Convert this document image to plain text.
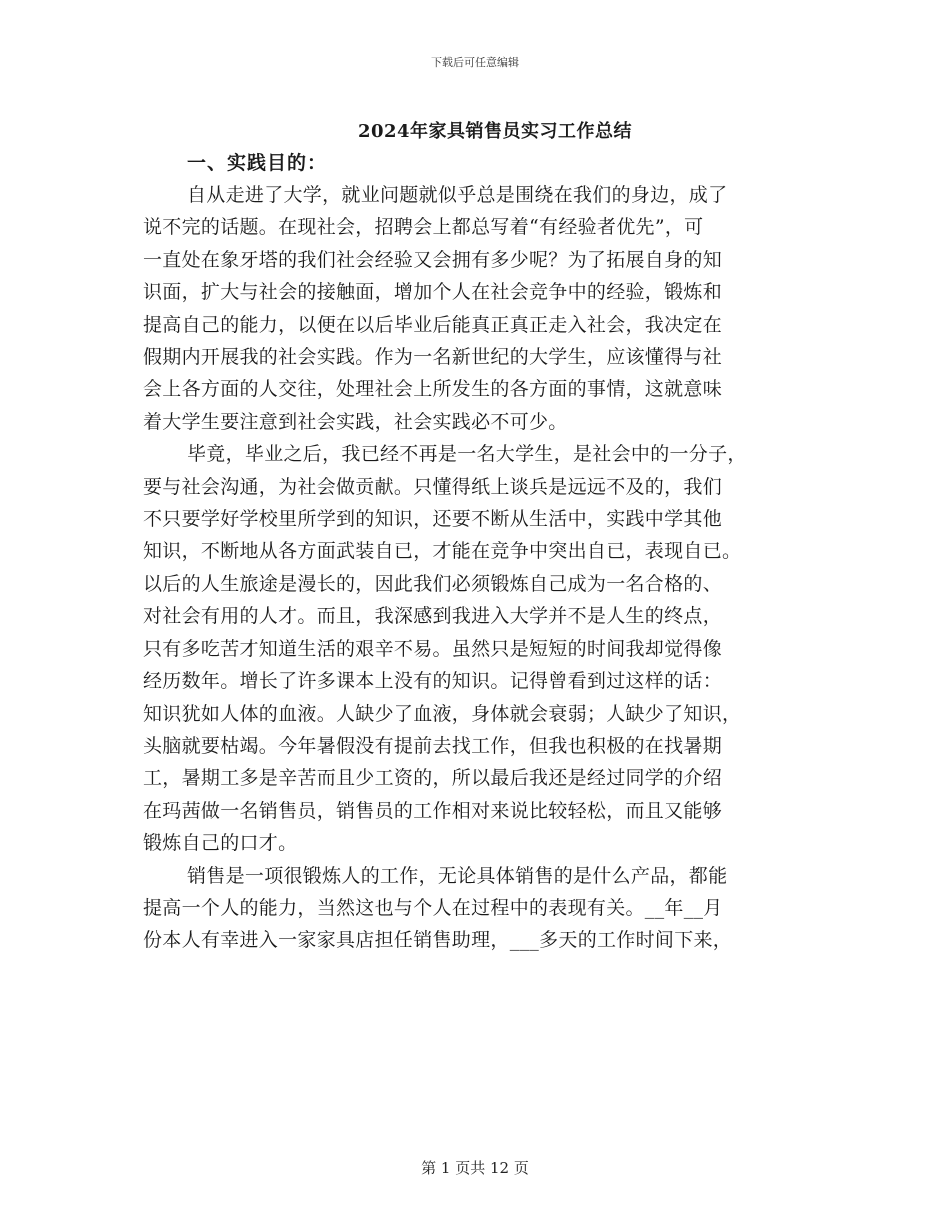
下载后可任意编辑
2024年家具销售员实习工作总结
一、实践目的：
自从走进了大学，就业问题就似乎总是围绕在我们的身边，成了
说不完的话题。在现社会，招聘会上都总写着“有经验者优先”，可
一直处在象牙塔的我们社会经验又会拥有多少呢？为了拓展自身的知
识面，扩大与社会的接触面，增加个人在社会竞争中的经验，锻炼和
提高自己的能力，以便在以后毕业后能真正真正走入社会，我决定在
假期内开展我的社会实践。作为一名新世纪的大学生，应该懂得与社
会上各方面的人交往，处理社会上所发生的各方面的事情，这就意味
着大学生要注意到社会实践，社会实践必不可少。
毕竟，毕业之后，我已经不再是一名大学生，是社会中的一分子，
要与社会沟通，为社会做贡献。只懂得纸上谈兵是远远不及的，我们
不只要学好学校里所学到的知识，还要不断从生活中，实践中学其他
知识，不断地从各方面武装自已，才能在竞争中突出自已，表现自已。
以后的人生旅途是漫长的，因此我们必须锻炼自己成为一名合格的、
对社会有用的人才。而且，我深感到我进入大学并不是人生的终点，
只有多吃苦才知道生活的艰辛不易。虽然只是短短的时间我却觉得像
经历数年。增长了许多课本上没有的知识。记得曾看到过这样的话：
知识犹如人体的血液。人缺少了血液，身体就会衰弱；人缺少了知识，
头脑就要枯竭。今年暑假没有提前去找工作，但我也积极的在找暑期
工，暑期工多是辛苦而且少工资的，所以最后我还是经过同学的介绍
在玛茜做一名销售员，销售员的工作相对来说比较轻松，而且又能够
锻炼自己的口才。
销售是一项很锻炼人的工作，无论具体销售的是什么产品，都能
提高一个人的能力，当然这也与个人在过程中的表现有关。__年__月
份本人有幸进入一家家具店担任销售助理，___多天的工作时间下来，
第 1 页共 12 页
